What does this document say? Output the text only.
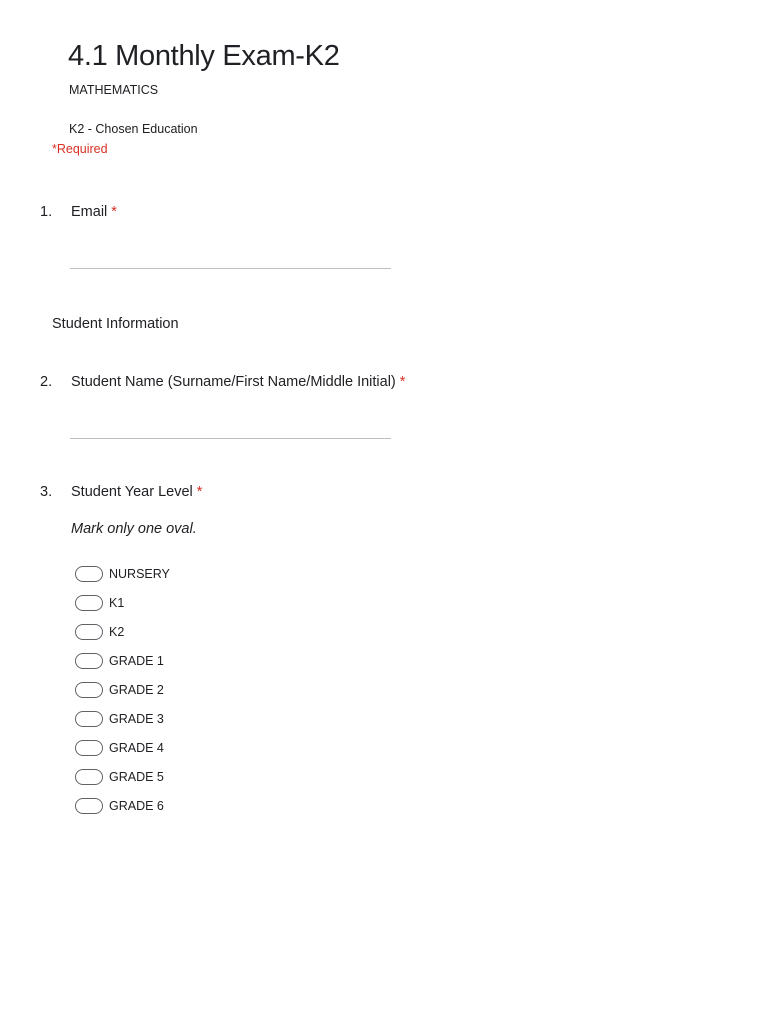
4.1 Monthly Exam-K2
MATHEMATICS
K2 - Chosen Education
*Required
1. Email *
Student Information
2. Student Name (Surname/First Name/Middle Initial) *
3. Student Year Level *
Mark only one oval.
NURSERY
K1
K2
GRADE 1
GRADE 2
GRADE 3
GRADE 4
GRADE 5
GRADE 6
